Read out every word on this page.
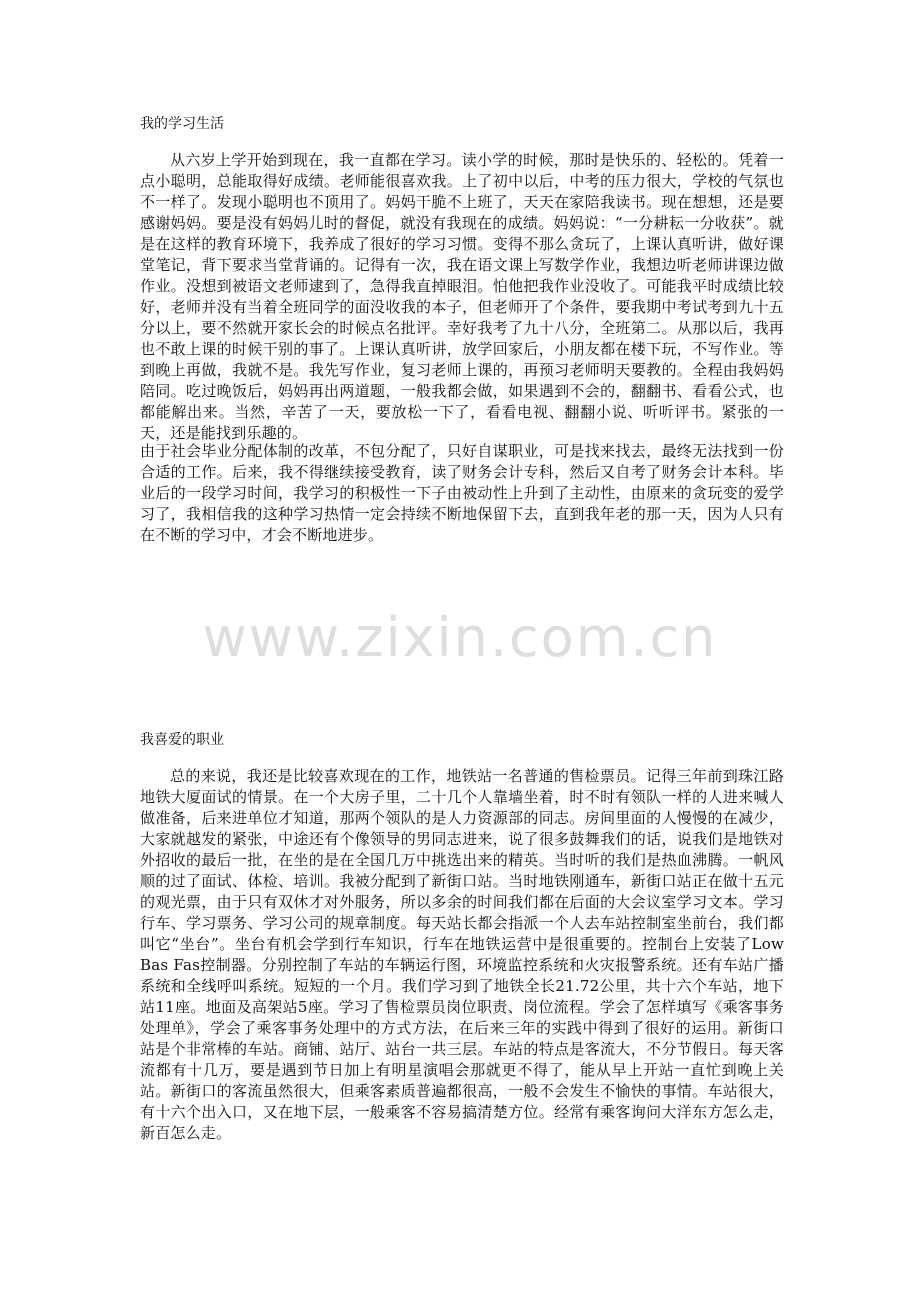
我的学习生活

从六岁上学开始到现在，我一直都在学习。读小学的时候，那时是快乐的、轻松的。凭着一点小聪明，总能取得好成绩。老师能很喜欢我。上了初中以后，中考的压力很大，学校的气氛也不一样了。发现小聪明也不顶用了。妈妈干脆不上班了，天天在家陪我读书。现在想想，还是要感谢妈妈。要是没有妈妈儿时的督促，就没有我现在的成绩。妈妈说：“一分耕耘一分收获”。就是在这样的教育环境下，我养成了很好的学习习惯。变得不那么贪玩了，上课认真听讲，做好课堂笔记，背下要求当堂背诵的。记得有一次，我在语文课上写数学作业，我想边听老师讲课边做作业。没想到被语文老师逮到了，急得我直掉眼泪。怕他把我作业没收了。可能我平时成绩比较好，老师并没有当着全班同学的面没收我的本子，但老师开了个条件，要我期中考试考到九十五分以上，要不然就开家长会的时候点名批评。幸好我考了九十八分，全班第二。从那以后，我再也不敢上课的时候干别的事了。上课认真听讲，放学回家后，小朋友都在楼下玩，不写作业。等到晚上再做，我就不是。我先写作业，复习老师上课的，再预习老师明天要教的。全程由我妈妈陪同。吃过晚饭后，妈妈再出两道题，一般我都会做，如果遇到不会的，翻翻书、看看公式，也都能解出来。当然，辛苦了一天，要放松一下了，看看电视、翻翻小说、听听评书。紧张的一天，还是能找到乐趣的。

由于社会毕业分配体制的改革，不包分配了，只好自谋职业，可是找来找去，最终无法找到一份合适的工作。后来，我不得继续接受教育，读了财务会计专科，然后又自考了财务会计本科。毕业后的一段学习时间，我学习的积极性一下子由被动性上升到了主动性，由原来的贪玩变的爱学习了，我相信我的这种学习热情一定会持续不断地保留下去，直到我年老的那一天，因为人只有在不断的学习中，才会不断地进步。

www.zixin.com.cn
我喜爱的职业

总的来说，我还是比较喜欢现在的工作，地铁站一名普通的售检票员。记得三年前到珠江路地铁大厦面试的情景。在一个大房子里，二十几个人靠墙坐着，时不时有领队一样的人进来喊人做准备，后来进单位才知道，那两个领队的是人力资源部的同志。房间里面的人慢慢的在减少，大家就越发的紧张，中途还有个像领导的男同志进来，说了很多鼓舞我们的话，说我们是地铁对外招收的最后一批，在坐的是在全国几万中挑选出来的精英。当时听的我们是热血沸腾。一帆风顺的过了面试、体检、培训。我被分配到了新街口站。当时地铁刚通车，新街口站正在做十五元的观光票，由于只有双休才对外服务，所以多余的时间我们都在后面的大会议室学习文本。学习行车、学习票务、学习公司的规章制度。每天站长都会指派一个人去车站控制室坐前台，我们都叫它“坐台”。坐台有机会学到行车知识，行车在地铁运营中是很重要的。控制台上安装了Low Bas Fas控制器。分别控制了车站的车辆运行图，环境监控系统和火灾报警系统。还有车站广播系统和全线呼叫系统。短短的一个月。我们学习到了地铁全长21.72公里，共十六个车站，地下站11座。地面及高架站5座。学习了售检票员岗位职责、岗位流程。学会了怎样填写《乘客事务处理单》，学会了乘客事务处理中的方式方法，在后来三年的实践中得到了很好的运用。新街口站是个非常棒的车站。商铺、站厅、站台一共三层。车站的特点是客流大，不分节假日。每天客流都有十几万，要是遇到节日加上有明星演唱会那就更不得了，能从早上开站一直忙到晚上关站。新街口的客流虽然很大，但乘客素质普遍都很高，一般不会发生不愉快的事情。车站很大，有十六个出入口，又在地下层，一般乘客不容易搞清楚方位。经常有乘客询问大洋东方怎么走，新百怎么走。
